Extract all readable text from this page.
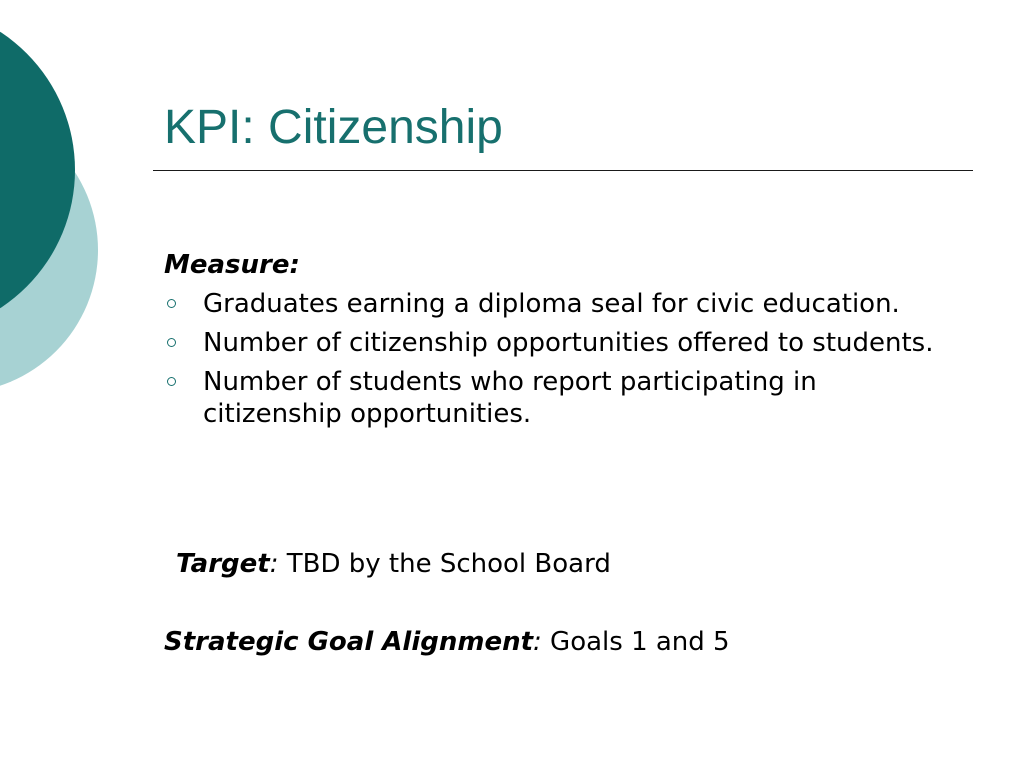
KPI: Citizenship

Measure:

Graduates earning a diploma seal for civic education.
Number of citizenship opportunities offered to students.
Number of students who report participating in citizenship opportunities.
Target: TBD by the School Board
Strategic Goal Alignment: Goals 1 and 5
